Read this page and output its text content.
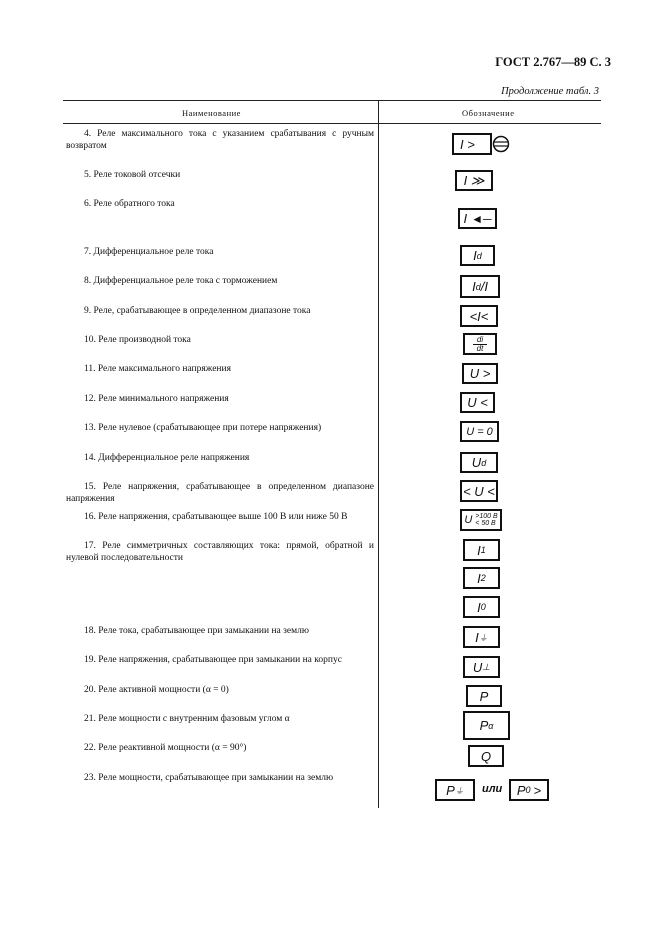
ГОСТ 2.767—89 С. 3
Продолжение табл. 3
Наименование	Обозначение
4. Реле максимального тока с указанием срабатывания с ручным возвратом
5. Реле токовой отсечки
6. Реле обратного тока
7. Дифференциальное реле тока
8. Дифференциальное реле тока с торможением
9. Реле, срабатывающее в определенном диапазоне тока
10. Реле производной тока
11. Реле максимального напряжения
12. Реле минимального напряжения
13. Реле нулевое (срабатывающее при потере напряжения)
14. Дифференциальное реле напряжения
15. Реле напряжения, срабатывающее в определенном диапазоне напряжения
16. Реле напряжения, срабатывающее выше 100 В или ниже 50 В
17. Реле симметричных составляющих тока: прямой, обратной и нулевой последовательности
18. Реле тока, срабатывающее при замыкании на землю
19. Реле напряжения, срабатывающее при замыкании на корпус
20. Реле активной мощности (α = 0)
21. Реле мощности с внутренним фазовым углом α
22. Реле реактивной мощности (α = 90°)
23. Реле мощности, срабатывающее при замыкании на землю
I >
I ≫
I ◄─
I d
I d /I
<I<
$\frac{di}{dt}$
U >
U <
U = 0
U d
< U <
U >100 B
< 50 B
I 1
I 2
I 0
I ⏚
U ⊥
P
P α
Q
P ⏚ или P 0 >
